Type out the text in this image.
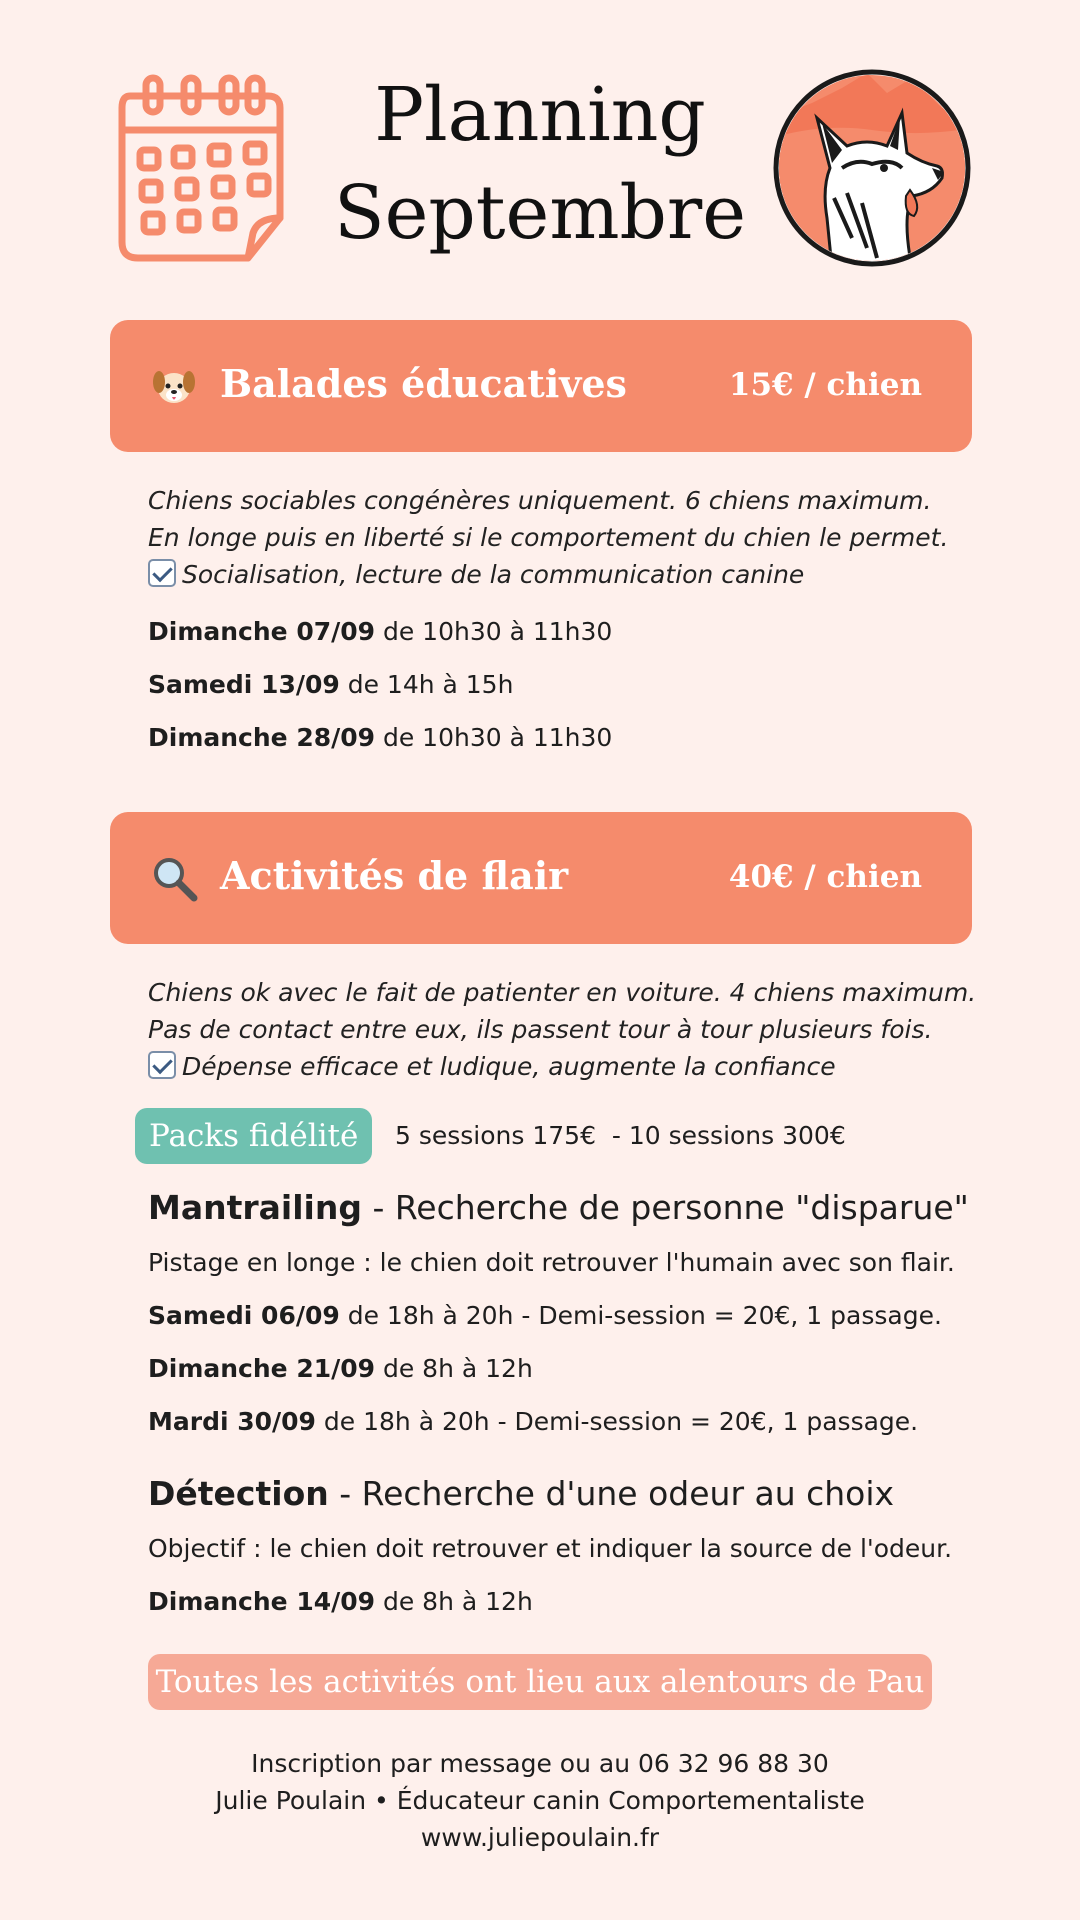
Planning
Septembre
Balades éducatives	15€ / chien
Chiens sociables congénères uniquement. 6 chiens maximum.
En longe puis en liberté si le comportement du chien le permet.
Socialisation, lecture de la communication canine
Dimanche 07/09 de 10h30 à 11h30
Samedi 13/09 de 14h à 15h
Dimanche 28/09 de 10h30 à 11h30
Activités de flair	40€ / chien
Chiens ok avec le fait de patienter en voiture. 4 chiens maximum.
Pas de contact entre eux, ils passent tour à tour plusieurs fois.
Dépense efficace et ludique, augmente la confiance
Packs fidélité	5 sessions 175€  - 10 sessions 300€
Mantrailing - Recherche de personne "disparue"
Pistage en longe : le chien doit retrouver l'humain avec son flair.
Samedi 06/09 de 18h à 20h - Demi-session = 20€, 1 passage.
Dimanche 21/09 de 8h à 12h
Mardi 30/09 de 18h à 20h - Demi-session = 20€, 1 passage.
Détection - Recherche d'une odeur au choix
Objectif : le chien doit retrouver et indiquer la source de l'odeur.
Dimanche 14/09 de 8h à 12h
Toutes les activités ont lieu aux alentours de Pau
Inscription par message ou au 06 32 96 88 30
Julie Poulain • Éducateur canin Comportementaliste
www.juliepoulain.fr
